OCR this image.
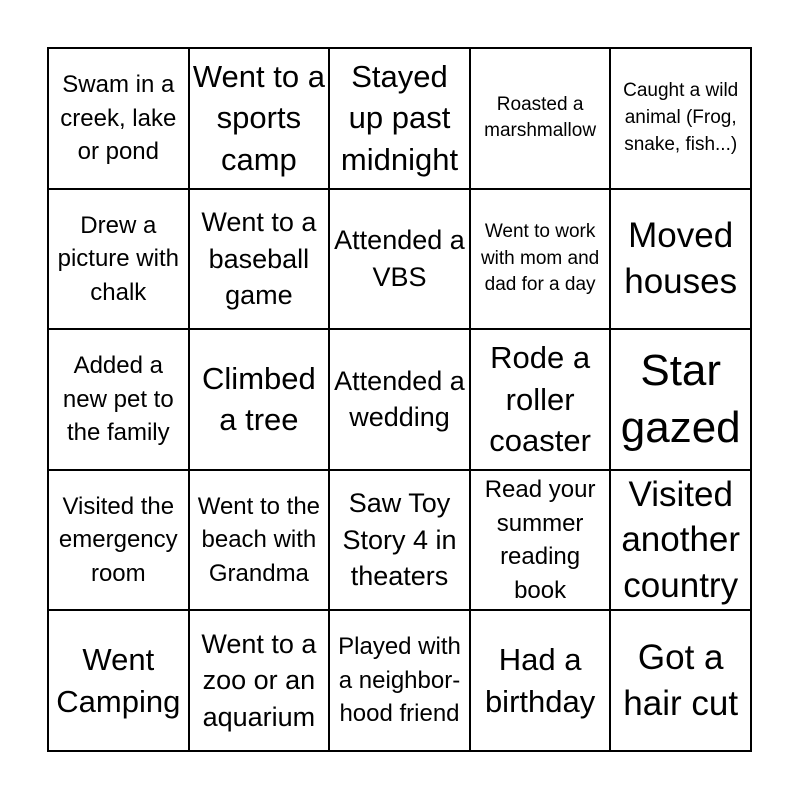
Swam in a creek, lake or pond
Went to a sports camp
Stayed up past midnight
Roasted a marshmallow
Caught a wild animal (Frog, snake, fish...)
Drew a picture with chalk
Went to a baseball game
Attended a VBS
Went to work with mom and dad for a day
Moved houses
Added a new pet to the family
Climbed a tree
Attended a wedding
Rode a roller coaster
Star gazed
Visited the emergency room
Went to the beach with Grandma
Saw Toy Story 4 in theaters
Read your summer reading book
Visited another country
Went Camping
Went to a zoo or an aquarium
Played with a neighbor-hood friend
Had a birthday
Got a hair cut
